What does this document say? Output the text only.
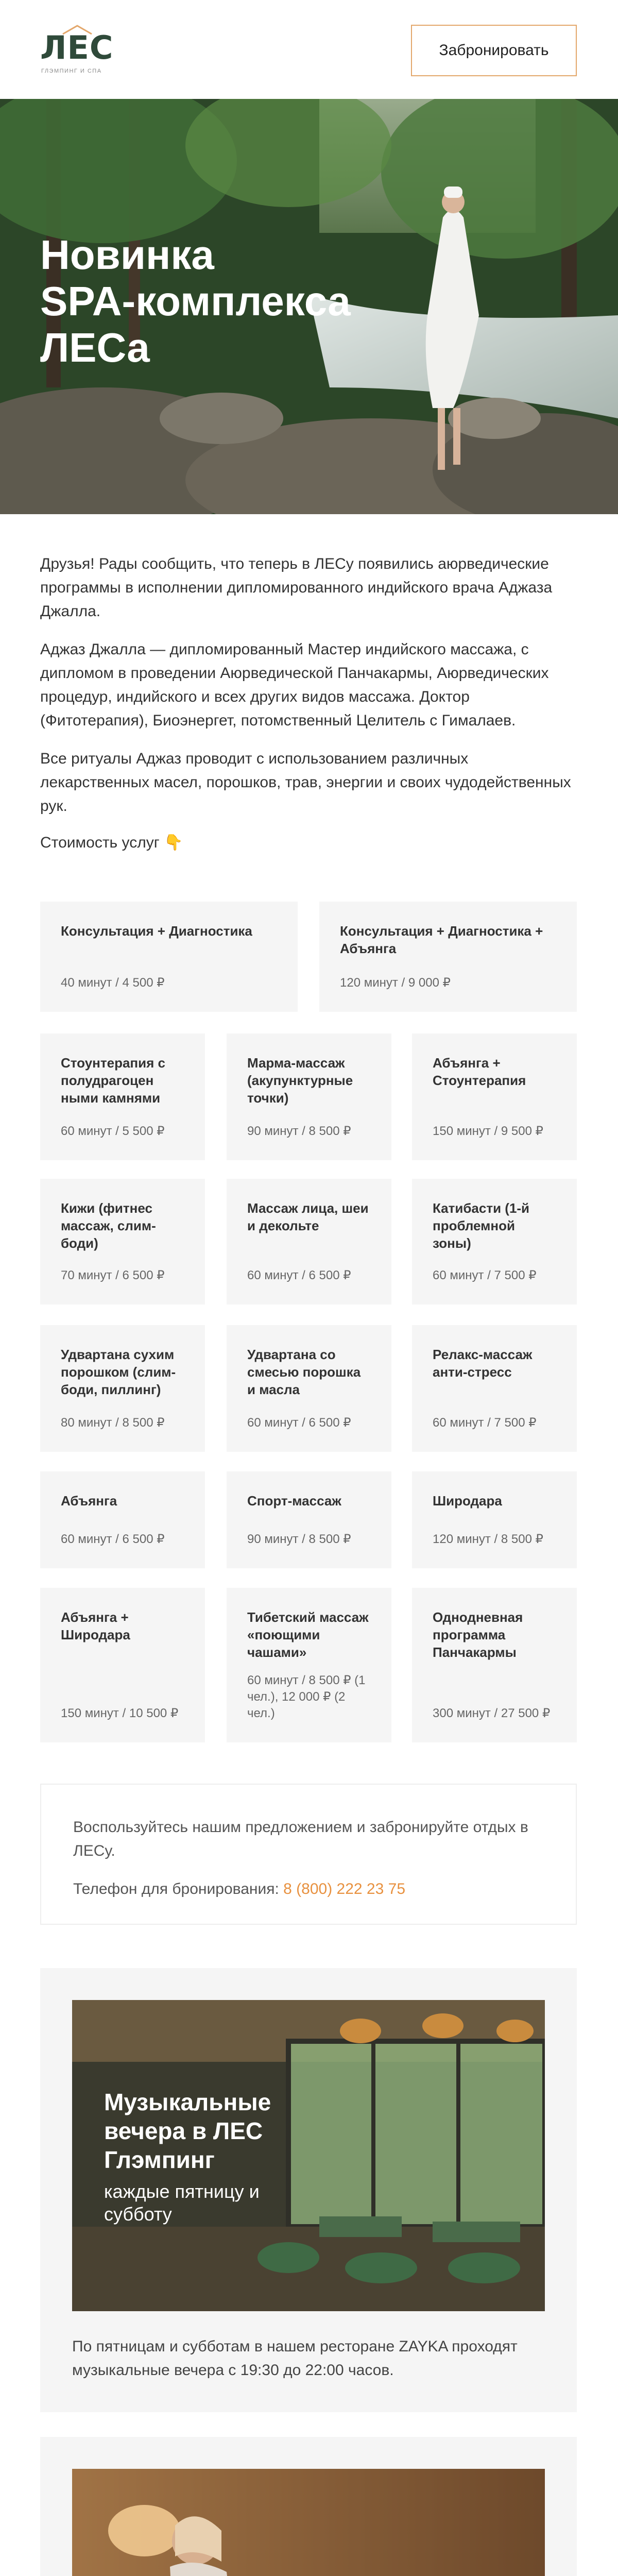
ЛЕС
ГЛЭМПИНГ И СПА
Забронировать
Новинка
SPA-комплекса
ЛЕСа

Друзья! Рады сообщить, что теперь в ЛЕСу появились аюрведические программы в исполнении дипломированного индийского врача Аджаза Джалла.

Аджаз Джалла — дипломированный Мастер индийского массажа, с дипломом в проведении Аюрведической Панчакармы, Аюрведических процедур, индийского и всех других видов массажа. Доктор (Фитотерапия), Биоэнергет, потомственный Целитель с Гималаев.

Все ритуалы Аджаз проводит с использованием различных лекарственных масел, порошков, трав, энергии и своих чудодейственных рук.

Стоимость услуг 👇
Консультация + Диагностика
40 минут / 4 500 ₽
Консультация + Диагностика + Абъянга
120 минут / 9 000 ₽
Стоунтерапия с полудрагоцен ными камнями
60 минут / 5 500 ₽
Марма-массаж (акупунктурные точки)
90 минут / 8 500 ₽
Абъянга + Стоунтерапия
150 минут / 9 500 ₽
Кижи (фитнес массаж, слим-боди)
70 минут / 6 500 ₽
Массаж лица, шеи и декольте
60 минут / 6 500 ₽
Катибасти (1-й проблемной зоны)
60 минут / 7 500 ₽
Удвартана сухим порошком (слим-боди, пиллинг)
80 минут / 8 500 ₽
Удвартана со смесью порошка и масла
60 минут / 6 500 ₽
Релакс-массаж анти-стресс
60 минут / 7 500 ₽
Абъянга
60 минут / 6 500 ₽
Спорт-массаж
90 минут / 8 500 ₽
Широдара
120 минут / 8 500 ₽
Абъянга + Широдара
150 минут / 10 500 ₽
Тибетский массаж «поющими чашами»
60 минут / 8 500 ₽ (1 чел.), 12 000 ₽ (2 чел.)
Однодневная программа Панчакармы
300 минут / 27 500 ₽
Воспользуйтесь нашим предложением и забронируйте отдых в ЛЕСу.
Телефон для бронирования: 8 (800) 222 23 75
Музыкальные вечера в ЛЕС Глэмпинг
каждые пятницу и субботу
По пятницам и субботам в нашем ресторане ZAYKA проходят музыкальные вечера с 19:30 до 22:00 часов.
